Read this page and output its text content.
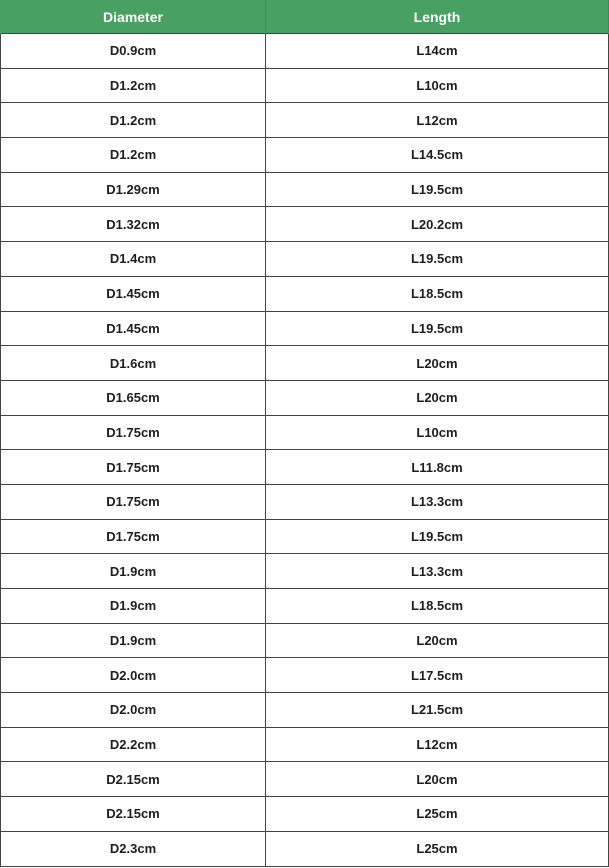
Diameter	Length
D0.9cm	L14cm
D1.2cm	L10cm
D1.2cm	L12cm
D1.2cm	L14.5cm
D1.29cm	L19.5cm
D1.32cm	L20.2cm
D1.4cm	L19.5cm
D1.45cm	L18.5cm
D1.45cm	L19.5cm
D1.6cm	L20cm
D1.65cm	L20cm
D1.75cm	L10cm
D1.75cm	L11.8cm
D1.75cm	L13.3cm
D1.75cm	L19.5cm
D1.9cm	L13.3cm
D1.9cm	L18.5cm
D1.9cm	L20cm
D2.0cm	L17.5cm
D2.0cm	L21.5cm
D2.2cm	L12cm
D2.15cm	L20cm
D2.15cm	L25cm
D2.3cm	L25cm
